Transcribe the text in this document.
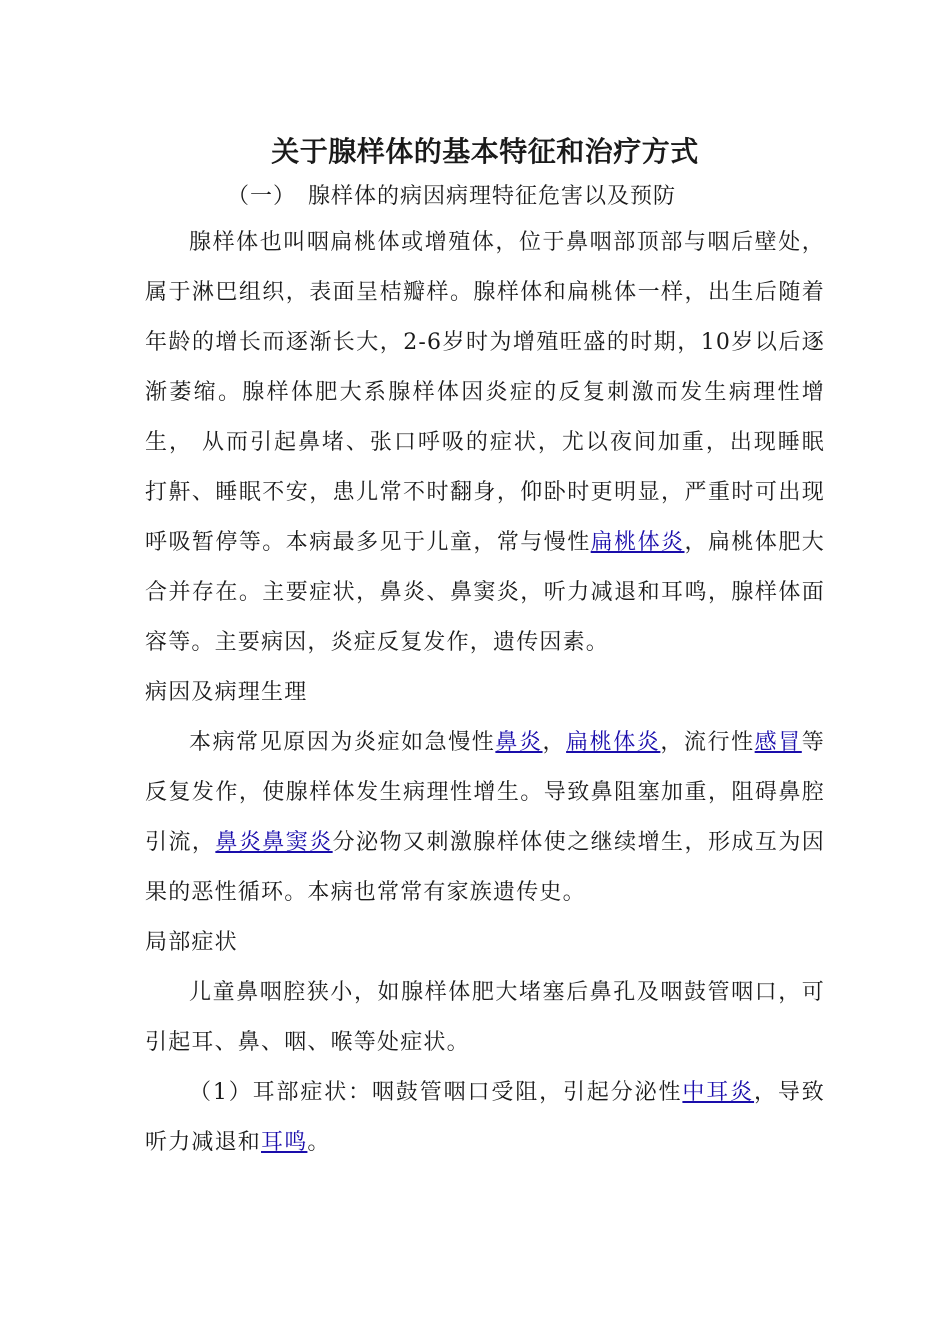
关于腺样体的基本特征和治疗方式
（一）　腺样体的病因病理特征危害以及预防

腺样体也叫咽扁桃体或增殖体，位于鼻咽部顶部与咽后壁处，属于淋巴组织，表面呈桔瓣样。腺样体和扁桃体一样，出生后随着年龄的增长而逐渐长大，2-6岁时为增殖旺盛的时期，10岁以后逐渐萎缩。腺样体肥大系腺样体因炎症的反复刺激而发生病理性增生， 从而引起鼻堵、张口呼吸的症状，尤以夜间加重，出现睡眠打鼾、睡眠不安，患儿常不时翻身，仰卧时更明显，严重时可出现呼吸暂停等。本病最多见于儿童，常与慢性扁桃体炎，扁桃体肥大合并存在。主要症状，鼻炎、鼻窦炎，听力减退和耳鸣，腺样体面容等。主要病因，炎症反复发作，遗传因素。

病因及病理生理

本病常见原因为炎症如急慢性鼻炎，扁桃体炎，流行性感冒等反复发作，使腺样体发生病理性增生。导致鼻阻塞加重，阻碍鼻腔引流，鼻炎鼻窦炎分泌物又刺激腺样体使之继续增生，形成互为因果的恶性循环。本病也常常有家族遗传史。

局部症状

儿童鼻咽腔狭小，如腺样体肥大堵塞后鼻孔及咽鼓管咽口，可引起耳、鼻、咽、喉等处症状。

（1）耳部症状：咽鼓管咽口受阻，引起分泌性中耳炎，导致听力减退和耳鸣。
